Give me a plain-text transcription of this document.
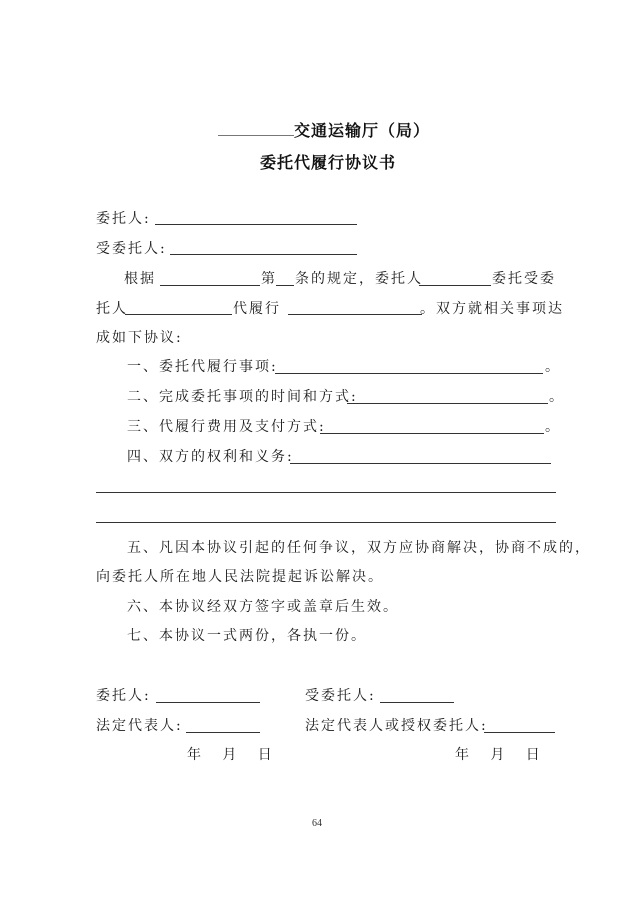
交通运输厅（局）
委托代履行协议书
委托人:
受委托人:
根据	第 条的规定，委托人	委托受委
托人	代履行	。双方就相关事项达
成如下协议:
一、委托代履行事项:	。
二、完成委托事项的时间和方式:	。
三、代履行费用及支付方式:	。
四、双方的权利和义务:
五、凡因本协议引起的任何争议，双方应协商解决，协商不成的，
向委托人所在地人民法院提起诉讼解决。
六、本协议经双方签字或盖章后生效。
七、本协议一式两份，各执一份。
委托人:	受委托人:
法定代表人:	法定代表人或授权委托人:
年 月 日	年 月 日
64
